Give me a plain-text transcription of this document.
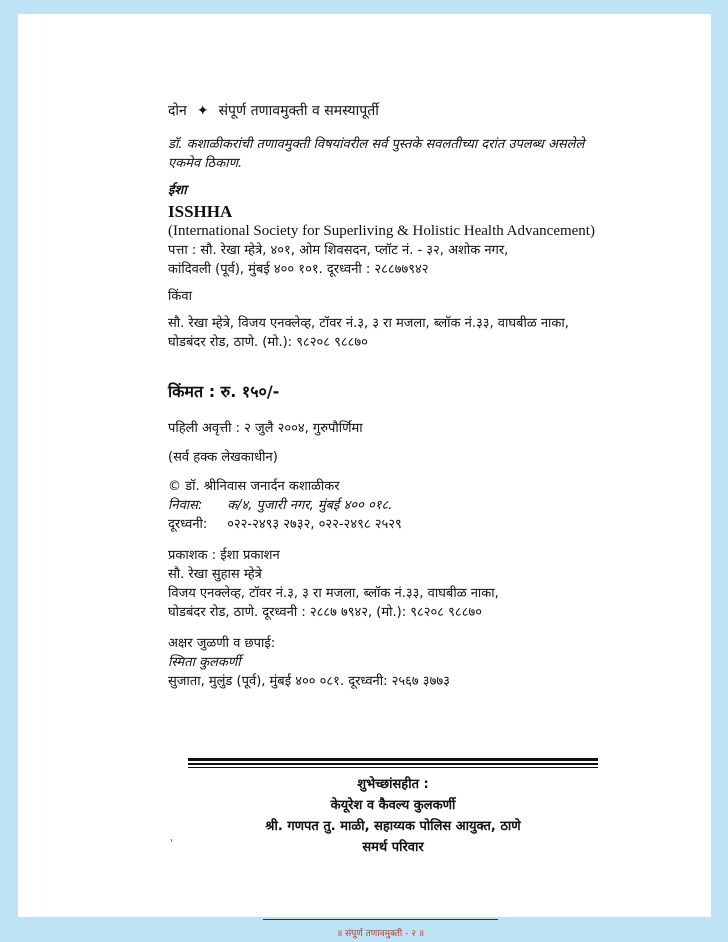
दोन ✦ संपूर्ण तणावमुक्ती व समस्यापूर्ती
डॉ. कशाळीकरांची तणावमुक्ती विषयांवरील सर्व पुस्तके सवलतीच्या दरांत उपलब्ध असलेले
एकमेव ठिकाण.
ईशा
ISSHHA
(International Society for Superliving & Holistic Health Advancement)
पत्ता : सौ. रेखा म्हेत्रे, ४०१, ओम शिवसदन, प्लॉट नं. - ३२, अशोक नगर,
कांदिवली (पूर्व), मुंबई ४०० १०१. दूरध्वनी : २८८७७९४२
किंवा
सौ. रेखा म्हेत्रे, विजय एनक्लेव्ह, टॉवर नं.३, ३ रा मजला, ब्लॉक नं.३३, वाघबीळ नाका,
घोडबंदर रोड, ठाणे. (मो.): ९८२०८ ९८८७०
किंमत : रु. १५०/-
पहिली अवृत्ती : २ जुलै २००४, गुरुपौर्णिमा
(सर्व हक्क लेखकाधीन)
© डॉ. श्रीनिवास जनार्दन कशाळीकर
निवास: क/४, पुजारी नगर, मुंबई ४०० ०१८.
दूरध्वनी: ०२२-२४९३ २७३२, ०२२-२४९८ २५२९
प्रकाशक : ईशा प्रकाशन
सौ. रेखा सुहास म्हेत्रे
विजय एनक्लेव्ह, टॉवर नं.३, ३ रा मजला, ब्लॉक नं.३३, वाघबीळ नाका,
घोडबंदर रोड, ठाणे. दूरध्वनी : २८८७ ७९४२, (मो.): ९८२०८ ९८८७०
अक्षर जुळणी व छपाई:
स्मिता कुलकर्णी
सुजाता, मुलुंड (पूर्व), मुंबई ४०० ०८१. दूरध्वनी: २५६७ ३७७३
शुभेच्छांसहीत :
केयूरेश व कैवल्य कुलकर्णी
श्री. गणपत तु. माळी, सहाय्यक पोलिस आयुक्त, ठाणे
समर्थ परिवार
'
॥ संपूर्ण तणावमुक्ती - २ ॥
